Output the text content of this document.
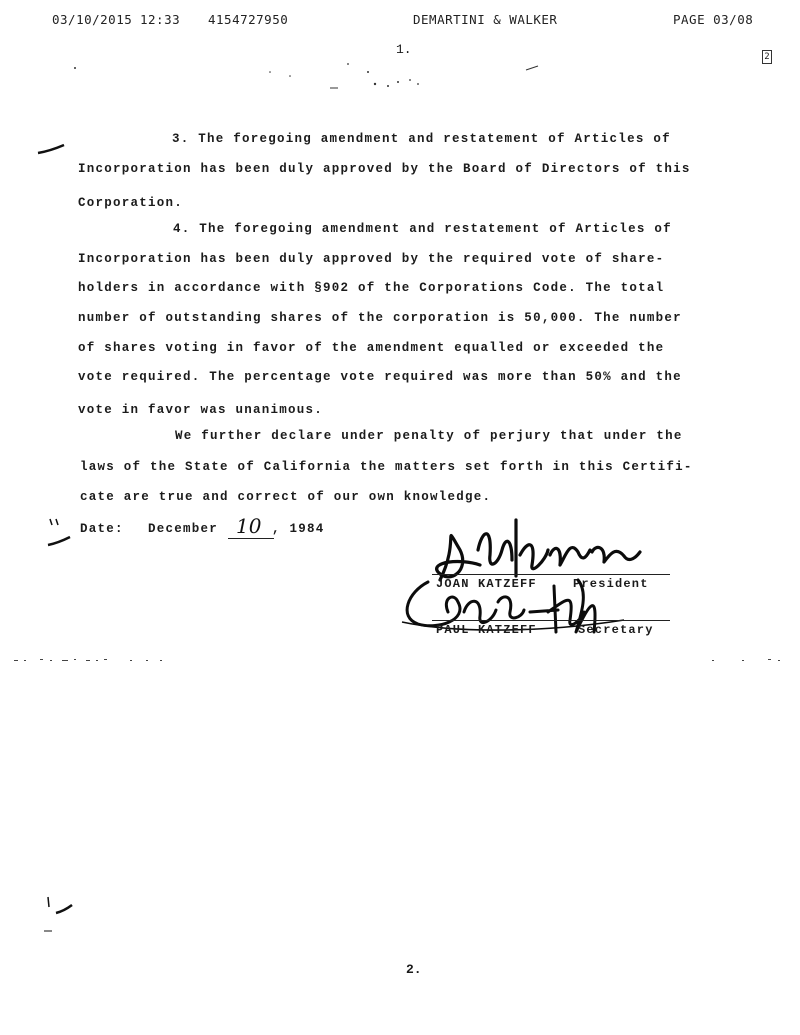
03/10/2015 12:33 4154727950	DEMARTINI & WALKER	PAGE 03/08
1.	2
3. The foregoing amendment and restatement of Articles of
Incorporation has been duly approved by the Board of Directors of this
Corporation.
4. The foregoing amendment and restatement of Articles of
Incorporation has been duly approved by the required vote of share-
holders in accordance with §902 of the Corporations Code. The total
number of outstanding shares of the corporation is 50,000. The number
of shares voting in favor of the amendment equalled or exceeded the
vote required. The percentage vote required was more than 50% and the
vote in favor was unanimous.
We further declare under penalty of perjury that under the
laws of the State of California the matters set forth in this Certifi-
cate are true and correct of our own knowledge.
Date: December 10 , 1984
JOAN KATZEFF	President
PAUL KATZEFF	Secretary
2.
